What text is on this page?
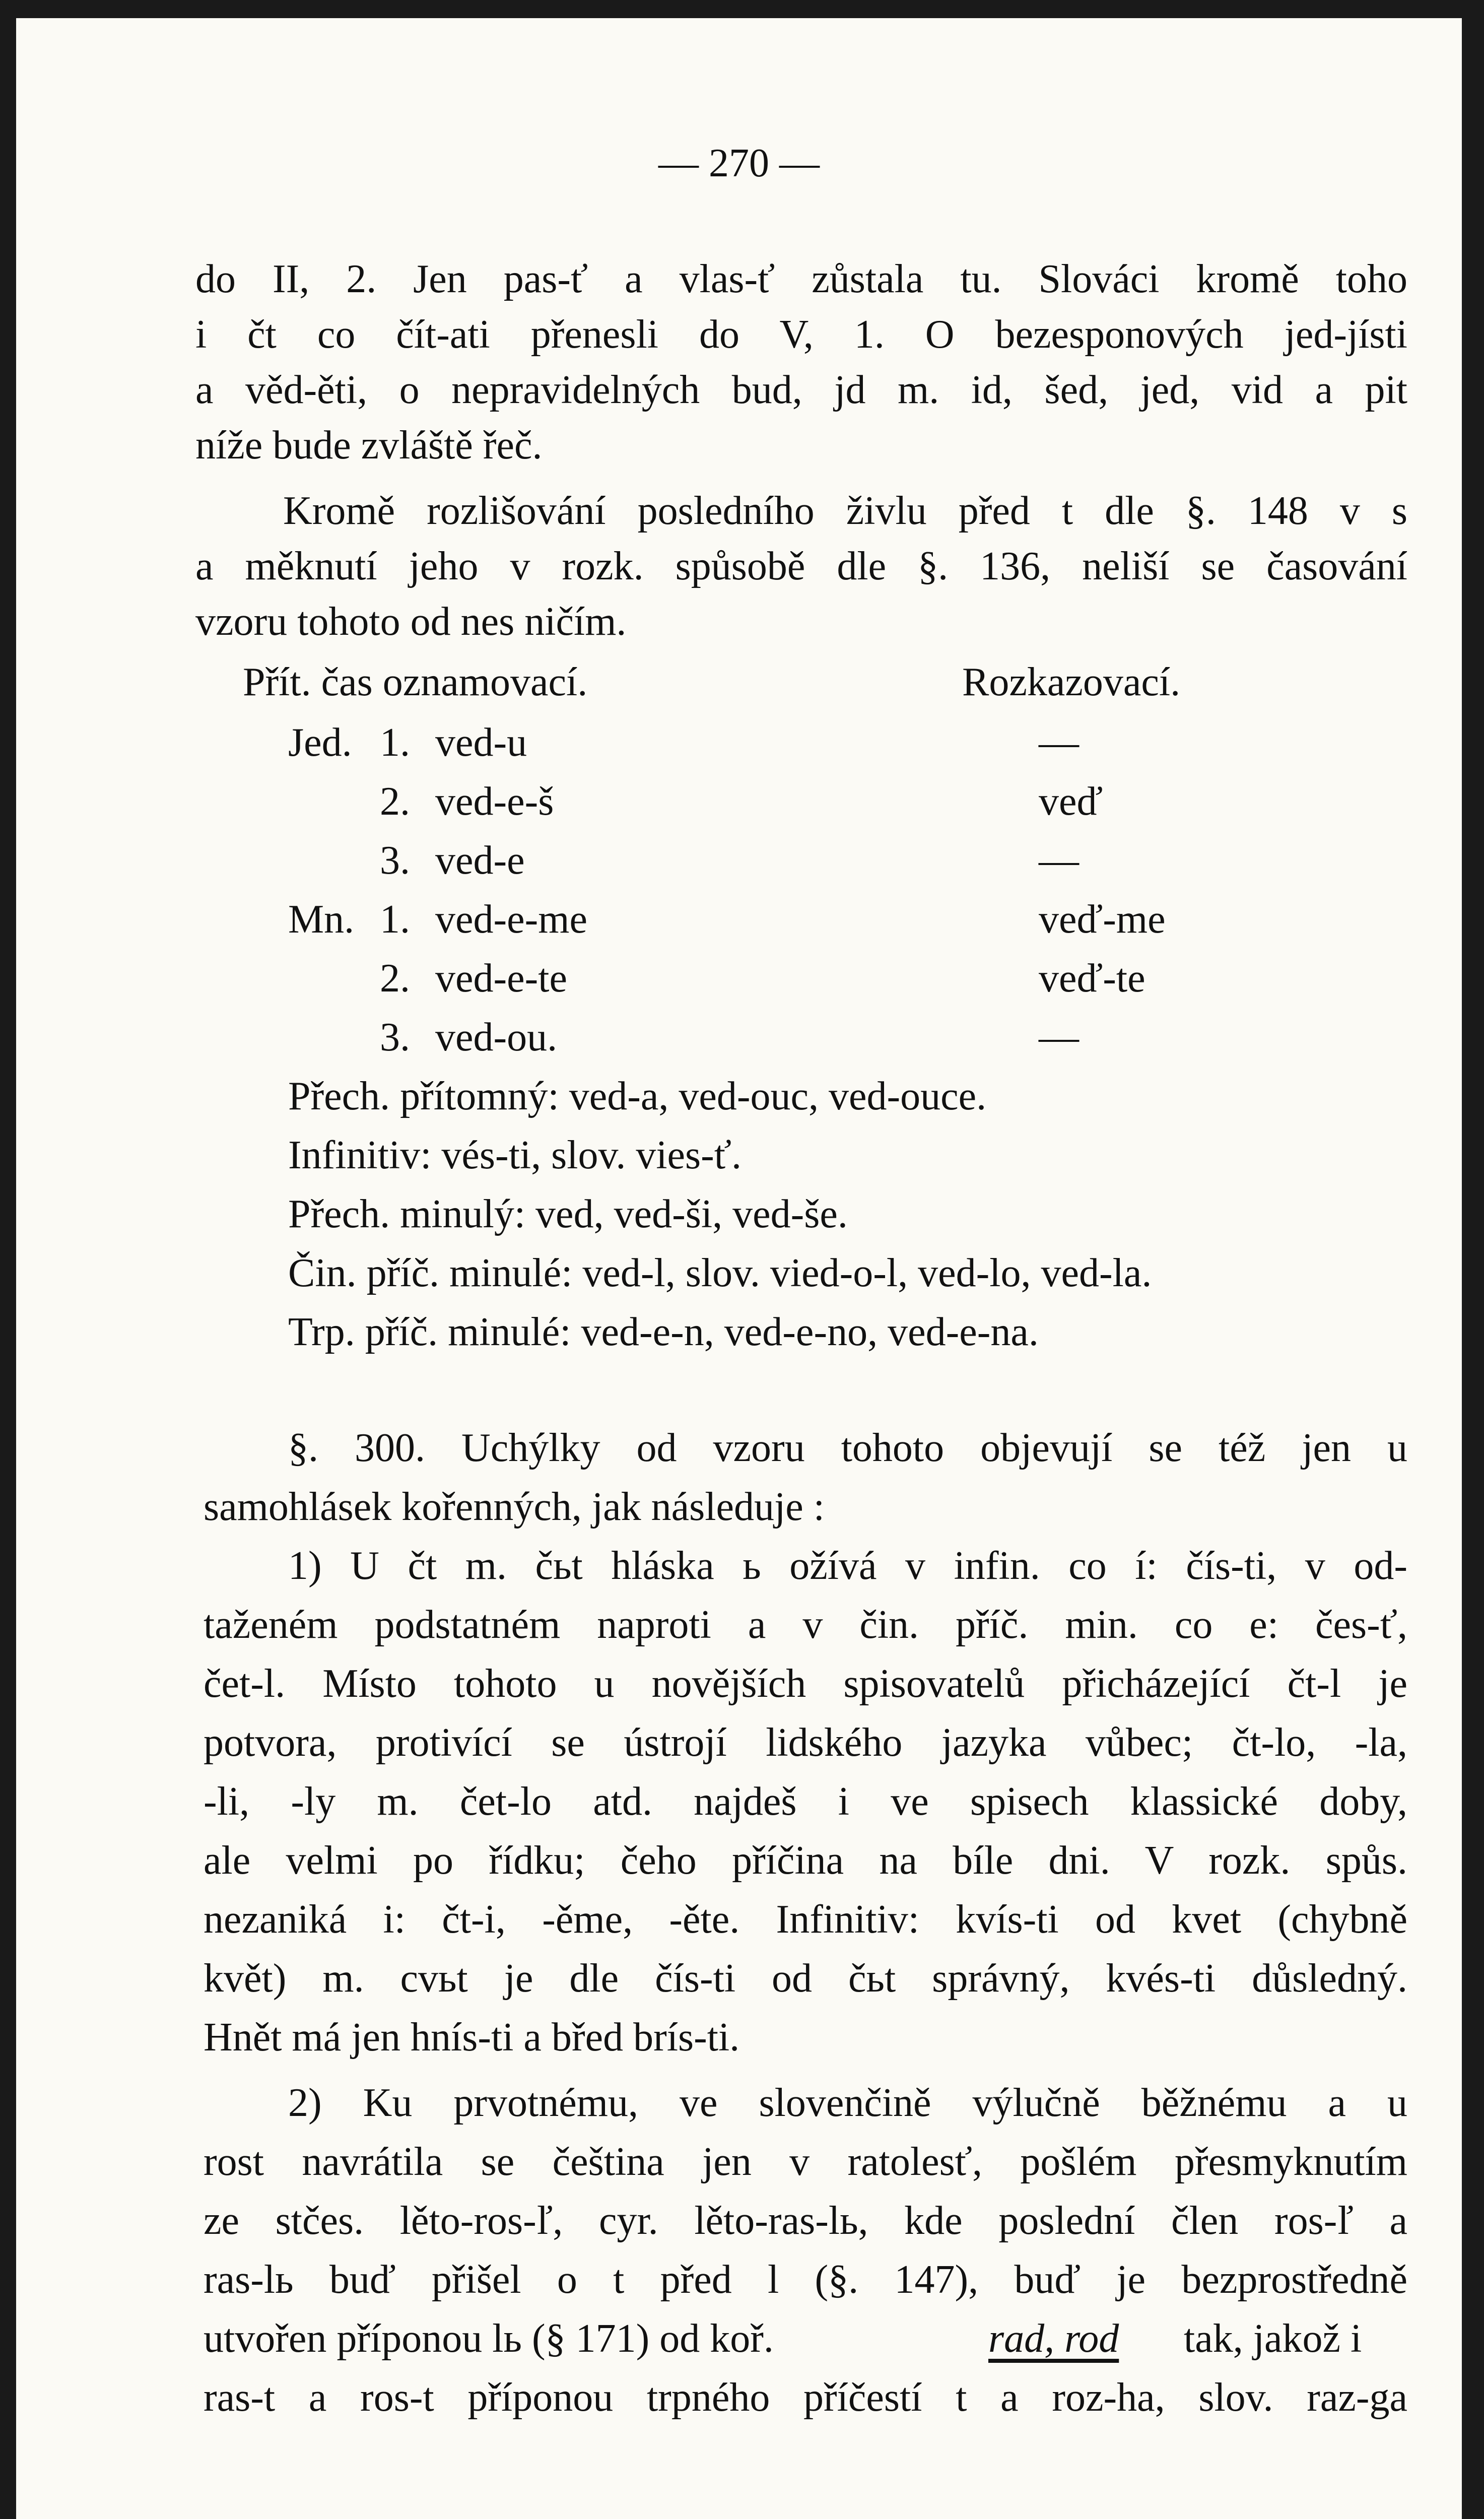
— 270 —
do II, 2. Jen pas-ť a vlas-ť zůstala tu. Slováci kromě toho
i čt co čít-ati přenesli do V, 1. O bezesponových jed-jísti
a věd-ěti, o nepravidelných bud, jd m. id, šed, jed, vid a pit
níže bude zvláště řeč.
Kromě rozlišování posledního živlu před t dle §. 148 v s
a měknutí jeho v rozk. spůsobě dle §. 136, neliší se časování
vzoru tohoto od nes ničím.
Přít. čas oznamovací.	Rozkazovací.
Jed. 1. ved-u	—
2. ved-e-š	veď
3. ved-e	—
Mn. 1. ved-e-me	veď-me
2. ved-e-te	veď-te
3. ved-ou.	—
Přech. přítomný: ved-a, ved-ouc, ved-ouce.
Infinitiv: vés-ti, slov. vies-ť.
Přech. minulý: ved, ved-ši, ved-še.
Čin. příč. minulé: ved-l, slov. vied-o-l, ved-lo, ved-la.
Trp. příč. minulé: ved-e-n, ved-e-no, ved-e-na.
§. 300. Uchýlky od vzoru tohoto objevují se též jen u
samohlásek kořenných, jak následuje :
1) U čt m. čьt hláska ь ožívá v infin. co í: čís-ti, v od-
taženém podstatném naproti a v čin. příč. min. co e: čes-ť,
čet-l. Místo tohoto u novějších spisovatelů přicházející čt-l je
potvora, protivící se ústrojí lidského jazyka vůbec; čt-lo, -la,
-li, -ly m. čet-lo atd. najdeš i ve spisech klassické doby,
ale velmi po řídku; čeho příčina na bíle dni. V rozk. spůs.
nezaniká i: čt-i, -ěme, -ěte. Infinitiv: kvís-ti od kvet (chybně
květ) m. cvьt je dle čís-ti od čьt správný, kvés-ti důsledný.
Hnět má jen hnís-ti a břed brís-ti.
2) Ku prvotnému, ve slovenčině výlučně běžnému a u
rost navrátila se čeština jen v ratolesť, pošlém přesmyknutím
ze stčes. lěto-ros-ľ, cyr. lěto-ras-lь, kde poslední člen ros-ľ a
ras-lь buď přišel o t před l (§. 147), buď je bezprostředně
utvořen příponou lь (§ 171) od koř.	rad, rod tak, jakož i
ras-t a ros-t příponou trpného příčestí t a roz-ha, slov. raz-ga
